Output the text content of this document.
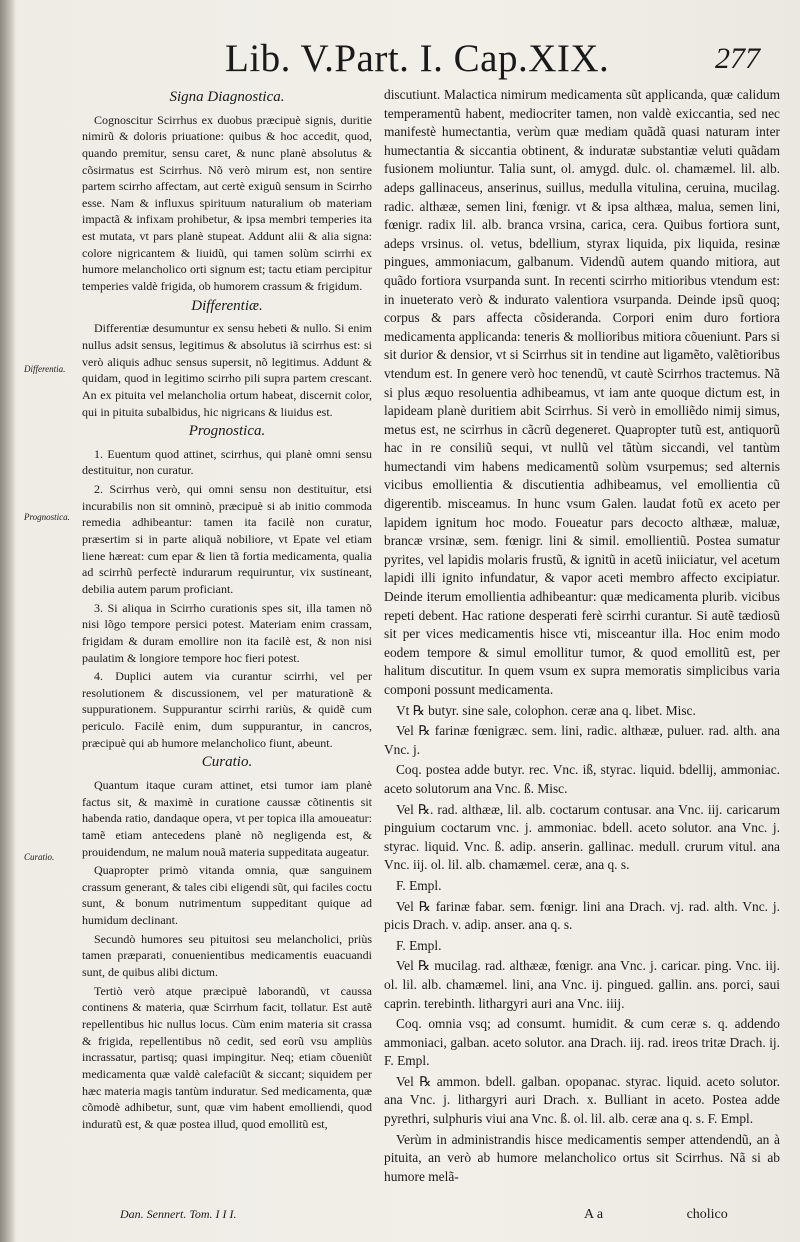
Lib. V.Part. I. Cap.XIX.	277
Differentia.
Prognostica.
Curatio.
Signa Diagnostica.

Cognoscitur Scirrhus ex duobus præcipuè signis, duritie nimirũ & doloris priuatione: quibus & hoc accedit, quod, quando premitur, sensu caret, & nunc planè absolutus & cõsirmatus est Scirrhus. Nõ verò mirum est, non sentire partem scirrho affectam, aut certè exiguũ sensum in Scirrho esse. Nam & influxus spirituum naturalium ob materiam impactã & infixam prohibetur, & ipsa membri temperies ita est mutata, vt pars planè stupeat. Addunt alii & alia signa: colore nigricantem & liuidũ, qui tamen solùm scirrhi ex humore melancholico orti signum est; tactu etiam percipitur temperies valdè frigida, ob humorem crassum & frigidum.

Differentiæ.

Differentiæ desumuntur ex sensu hebeti & nullo. Si enim nullus adsit sensus, legitimus & absolutus iã scirrhus est: si verò aliquis adhuc sensus supersit, nõ legitimus. Addunt & quidam, quod in legitimo scirrho pili supra partem crescant. An ex pituita vel melancholia ortum habeat, discernit color, qui in pituita subalbidus, hic nigricans & liuidus est.

Prognostica.

1. Euentum quod attinet, scirrhus, qui planè omni sensu destituitur, non curatur.

2. Scirrhus verò, qui omni sensu non destituitur, etsi incurabilis non sit omninò, præcipuè si ab initio commoda remedia adhibeantur: tamen ita facilè non curatur, præsertim si in parte aliquã nobiliore, vt Epate vel etiam liene hæreat: cum epar & lien tã fortia medicamenta, qualia ad scirrhũ perfectè indurarum requiruntur, vix sustineant, debilia autem parum proficiant.

3. Si aliqua in Scirrho curationis spes sit, illa tamen nõ nisi lõgo tempore persici potest. Materiam enim crassam, frigidam & duram emollire non ita facilè est, & non nisi paulatim & longiore tempore hoc fieri potest.

4. Duplici autem via curantur scirrhi, vel per resolutionem & discussionem, vel per maturationẽ & suppurationem. Suppurantur scirrhi rariùs, & quidẽ cum periculo. Facilè enim, dum suppurantur, in cancros, præcipuè qui ab humore melancholico fiunt, abeunt.

Curatio.

Quantum itaque curam attinet, etsi tumor iam planè factus sit, & maximè in curatione caussæ cõtinentis sit habenda ratio, dandaque opera, vt per topica illa amoueatur: tamẽ etiam antecedens planè nõ negligenda est, & prouidendum, ne malum nouã materia suppeditata augeatur.

Quapropter primò vitanda omnia, quæ sanguinem crassum generant, & tales cibi eligendi sũt, qui faciles coctu sunt, & bonum nutrimentum suppeditant quique ad humidum declinant.

Secundò humores seu pituitosi seu melancholici, priùs tamen præparati, conuenientibus medicamentis euacuandi sunt, de quibus alibi dictum.

Tertiò verò atque præcipuè laborandũ, vt caussa continens & materia, quæ Scirrhum facit, tollatur. Est autẽ repellentibus hic nullus locus. Cùm enim materia sit crassa & frigida, repellentibus nõ cedit, sed eorũ vsu ampliùs incrassatur, partisq; quasi impingitur. Neq; etiam cõueniũt medicamenta quæ valdè calefaciũt & siccant; siquidem per hæc materia magis tantùm induratur. Sed medicamenta, quæ cõmodè adhibetur, sunt, quæ vim habent emolliendi, quod induratũ est, & quæ postea illud, quod emollitũ est,

discutiunt. Malactica nimirum medicamenta sũt applicanda, quæ calidum temperamentũ habent, mediocriter tamen, non valdè exiccantia, sed nec manifestè humectantia, verùm quæ mediam quãdã quasi naturam inter humectantia & siccantia obtinent, & induratæ substantiæ veluti quãdam fusionem moliuntur. Talia sunt, ol. amygd. dulc. ol. chamæmel. lil. alb. adeps gallinaceus, anserinus, suillus, medulla vitulina, ceruina, mucilag. radic. althææ, semen lini, fœnigr. vt & ipsa althæa, malua, semen lini, fœnigr. radix lil. alb. branca vrsina, carica, cera. Quibus fortiora sunt, adeps vrsinus. ol. vetus, bdellium, styrax liquida, pix liquida, resinæ pingues, ammoniacum, galbanum. Videndũ autem quando mitiora, aut quãdo fortiora vsurpanda sunt. In recenti scirrho mitioribus vtendum est: in inueterato verò & indurato valentiora vsurpanda. Deinde ipsũ quoq; corpus & pars affecta cõsideranda. Corpori enim duro fortiora medicamenta applicanda: teneris & mollioribus mitiora cõueniunt. Pars si sit durior & densior, vt si Scirrhus sit in tendine aut ligamẽto, valẽtioribus vtendum est. In genere verò hoc tenendũ, vt cautè Scirrhos tractemus. Nã si plus æquo resoluentia adhibeamus, vt iam ante quoque dictum est, in lapideam planè duritiem abit Scirrhus. Si verò in emolliẽdo nimij simus, metus est, ne scirrhus in cãcrũ degeneret. Quapropter tutũ est, antiquorũ hac in re consiliũ sequi, vt nullũ vel tãtùm siccandi, vel tantùm humectandi vim habens medicamentũ solùm vsurpemus; sed alternis vicibus emollientia & discutientia adhibeamus, vel emollientia cũ digerentib. misceamus. In hunc vsum Galen. laudat fotũ ex aceto per lapidem ignitum hoc modo. Foueatur pars decocto althææ, maluæ, brancæ vrsinæ, sem. fœnigr. lini & simil. emollientiũ. Postea sumatur pyrites, vel lapidis molaris frustũ, & ignitũ in acetũ iniiciatur, vel acetum lapidi illi ignito infundatur, & vapor aceti membro affecto excipiatur. Deinde iterum emollientia adhibeantur: quæ medicamenta plurib. vicibus repeti debent. Hac ratione desperati ferè scirrhi curantur. Si autẽ tædiosũ sit per vices medicamentis hisce vti, misceantur illa. Hoc enim modo eodem tempore & simul emollitur tumor, & quod emollitũ est, per halitum discutitur. In quem vsum ex supra memoratis simplicibus varia componi possunt medicamenta.

Vt ℞ butyr. sine sale, colophon. ceræ ana q. libet. Misc.

Vel ℞ farinæ fœnigræc. sem. lini, radic. althææ, puluer. rad. alth. ana Vnc. j.

Coq. postea adde butyr. rec. Vnc. iß, styrac. liquid. bdellij, ammoniac. aceto solutorum ana Vnc. ß. Misc.

Vel ℞. rad. althææ, lil. alb. coctarum contusar. ana Vnc. iij. caricarum pinguium coctarum vnc. j. ammoniac. bdell. aceto solutor. ana Vnc. j. styrac. liquid. Vnc. ß. adip. anserin. gallinac. medull. crurum vitul. ana Vnc. iij. ol. lil. alb. chamæmel. ceræ, ana q. s.

F. Empl.

Vel ℞ farinæ fabar. sem. fœnigr. lini ana Drach. vj. rad. alth. Vnc. j. picis Drach. v. adip. anser. ana q. s.

F. Empl.

Vel ℞ mucilag. rad. althææ, fœnigr. ana Vnc. j. caricar. ping. Vnc. iij. ol. lil. alb. chamæmel. lini, ana Vnc. ij. pingued. gallin. ans. porci, saui caprin. terebinth. lithargyri auri ana Vnc. iiij.

Coq. omnia vsq; ad consumt. humidit. & cum ceræ s. q. addendo ammoniaci, galban. aceto solutor. ana Drach. iij. rad. ireos tritæ Drach. ij. F. Empl.

Vel ℞ ammon. bdell. galban. opopanac. styrac. liquid. aceto solutor. ana Vnc. j. lithargyri auri Drach. x. Bulliant in aceto. Postea adde pyrethri, sulphuris viui ana Vnc. ß. ol. lil. alb. ceræ ana q. s. F. Empl.

Verùm in administrandis hisce medicamentis semper attendendũ, an à pituita, an verò ab humore melancholico ortus sit Scirrhus. Nã si ab humore melã-

Dan. Sennert. Tom. I I I.	A a	cholico
